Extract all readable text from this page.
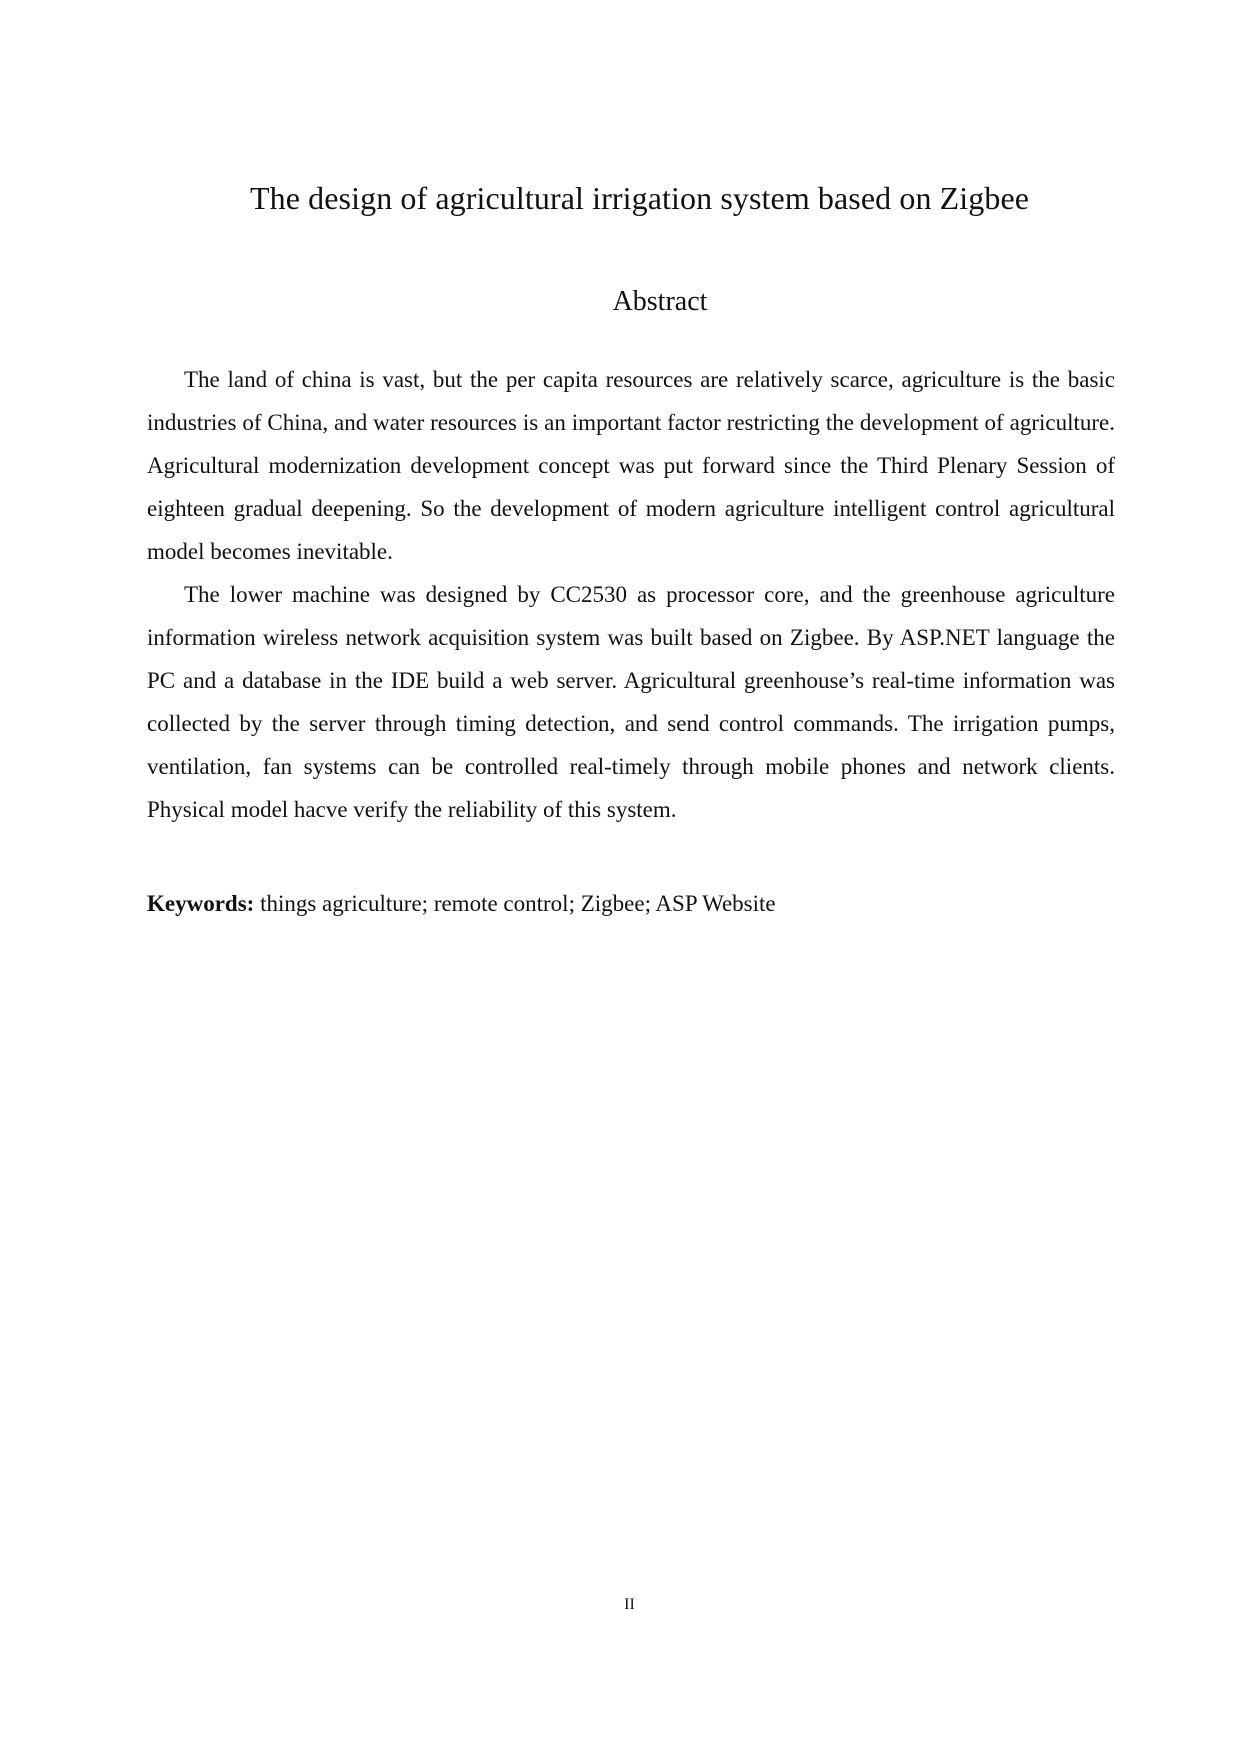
The design of agricultural irrigation system based on Zigbee
Abstract

The land of china is vast, but the per capita resources are relatively scarce, agriculture is the basic industries of China, and water resources is an important factor restricting the development of agriculture. Agricultural modernization development concept was put forward since the Third Plenary Session of eighteen gradual deepening. So the development of modern agriculture intelligent control agricultural model becomes inevitable.

The lower machine was designed by CC2530 as processor core, and the greenhouse agriculture information wireless network acquisition system was built based on Zigbee. By ASP.NET language the PC and a database in the IDE build a web server. Agricultural greenhouse’s real-time information was collected by the server through timing detection, and send control commands. The irrigation pumps, ventilation, fan systems can be controlled real-timely through mobile phones and network clients. Physical model hacve verify the reliability of this system.

Keywords: things agriculture; remote control; Zigbee; ASP Website

II
